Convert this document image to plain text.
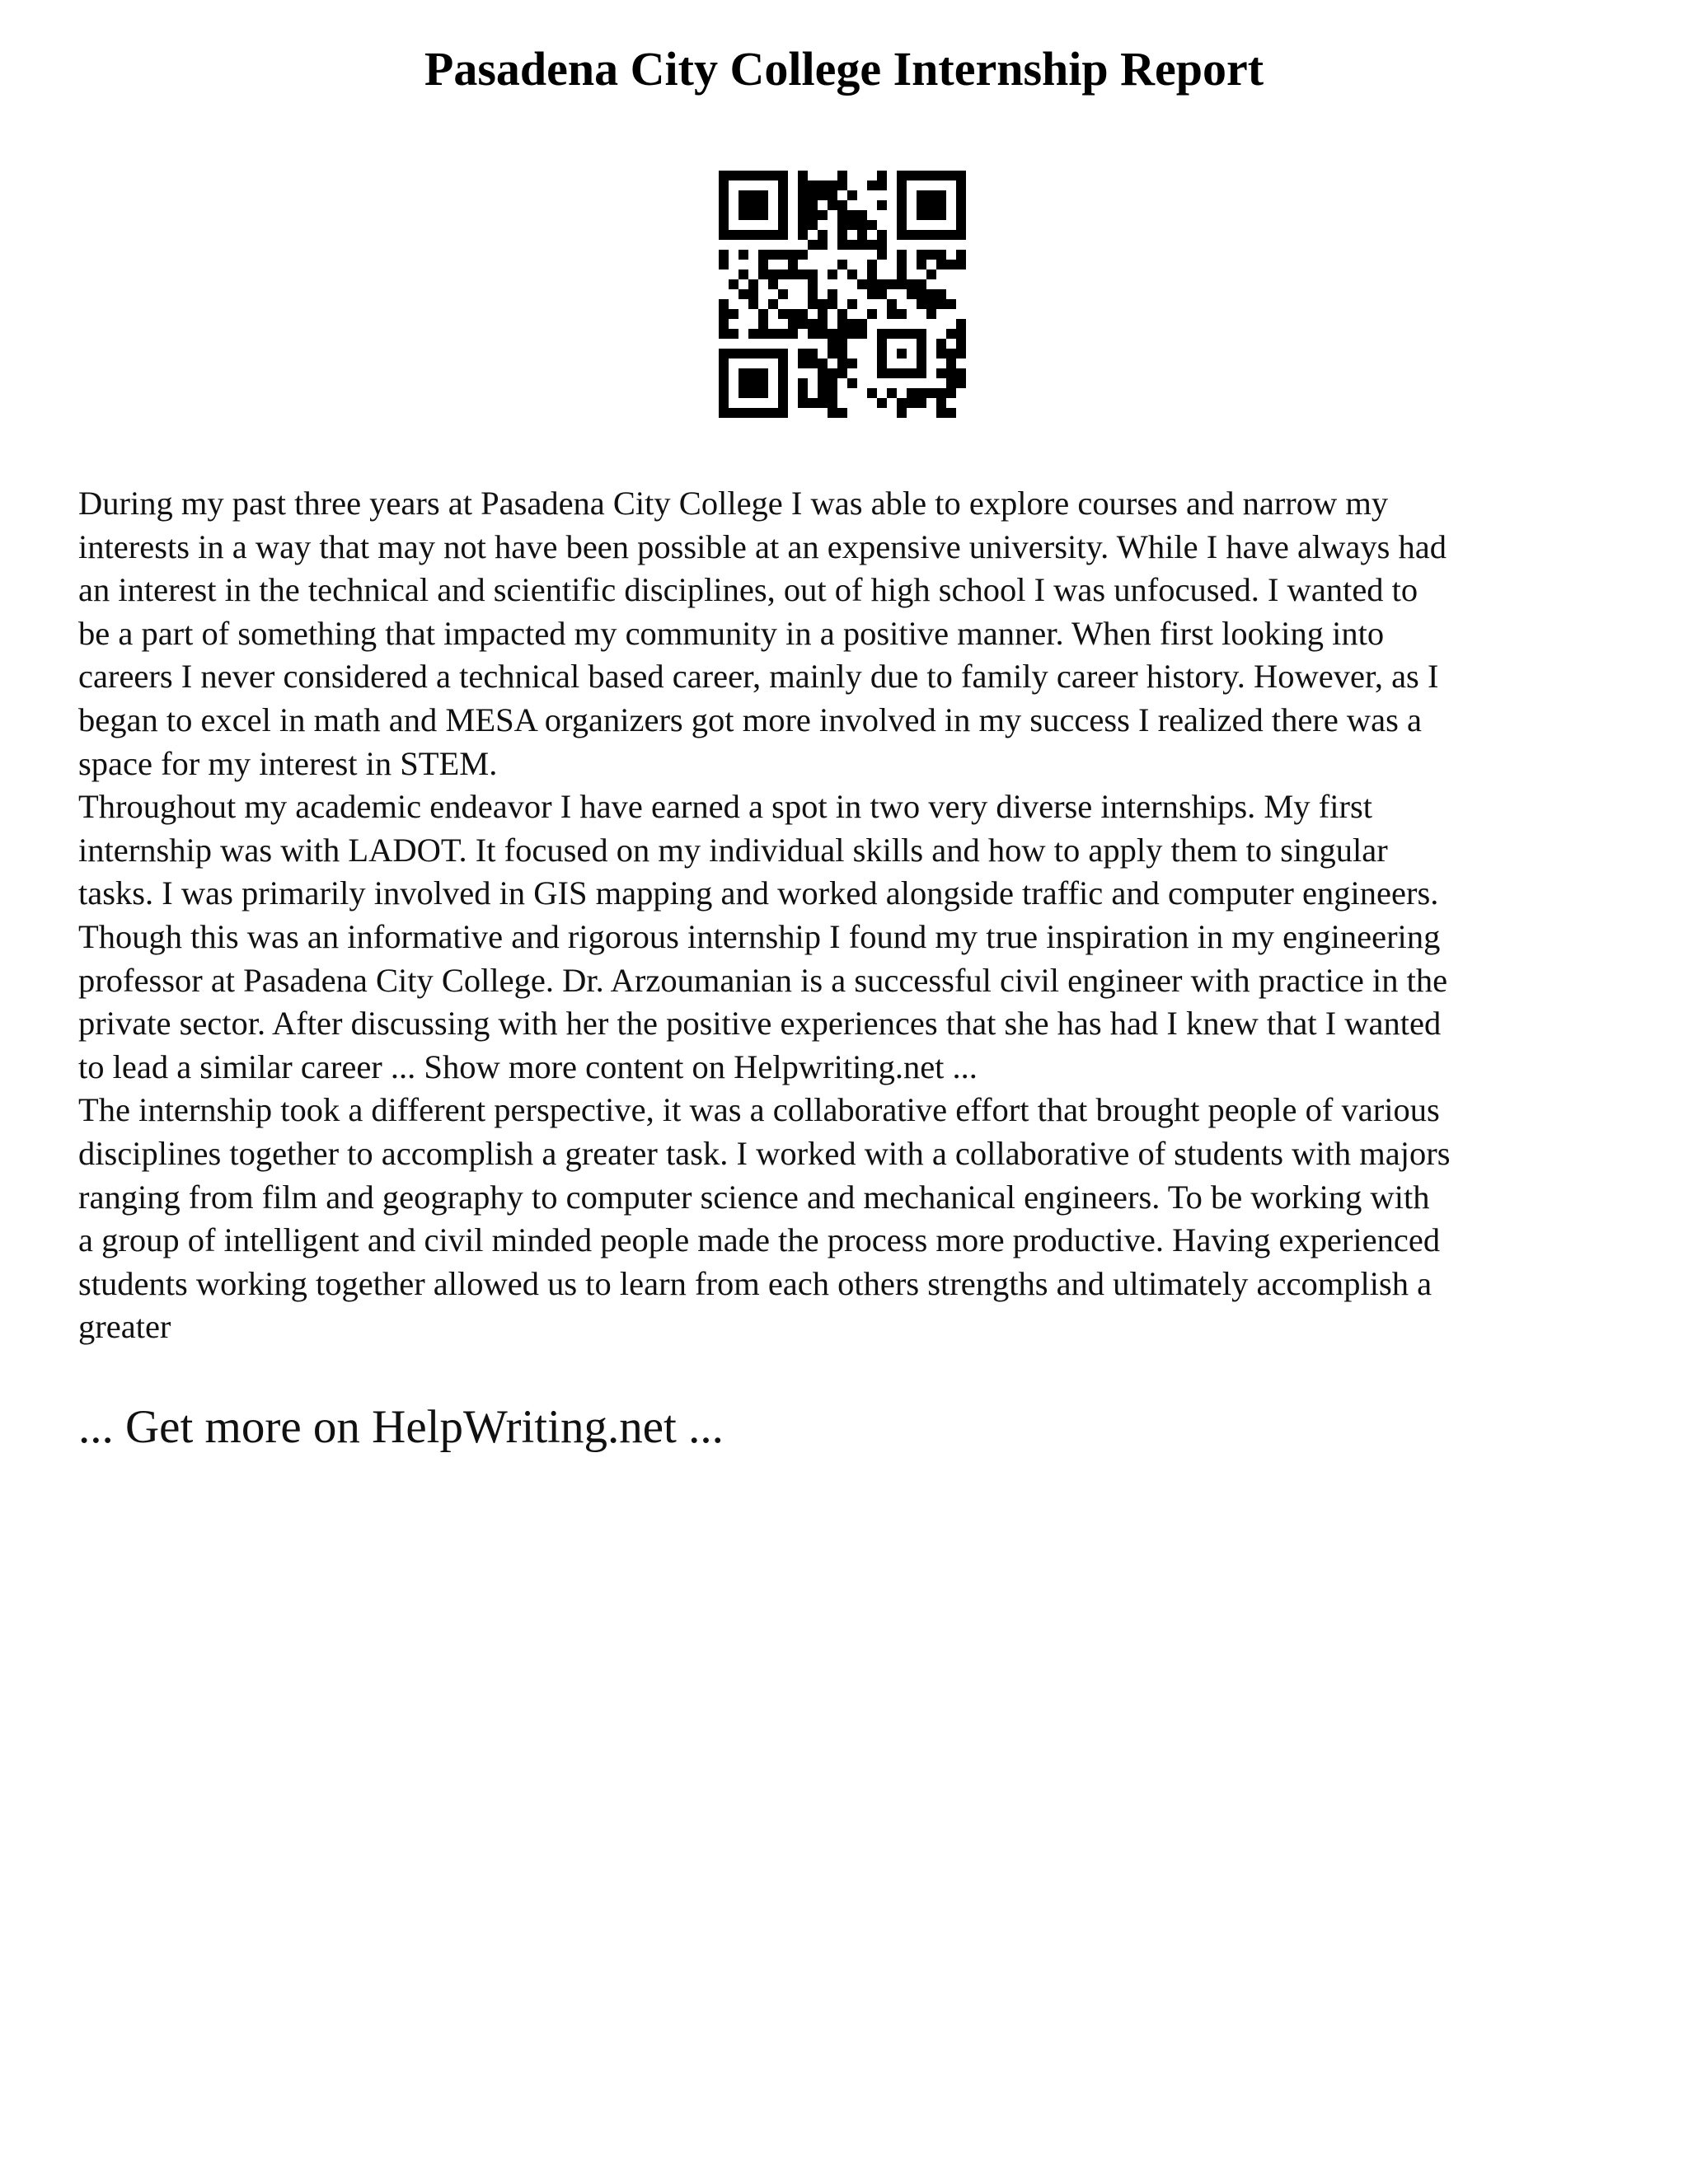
Pasadena City College Internship Report
During my past three years at Pasadena City College I was able to explore courses and narrow my
interests in a way that may not have been possible at an expensive university. While I have always had
an interest in the technical and scientific disciplines, out of high school I was unfocused. I wanted to
be a part of something that impacted my community in a positive manner. When first looking into
careers I never considered a technical based career, mainly due to family career history. However, as I
began to excel in math and MESA organizers got more involved in my success I realized there was a
space for my interest in STEM.
Throughout my academic endeavor I have earned a spot in two very diverse internships. My first
internship was with LADOT. It focused on my individual skills and how to apply them to singular
tasks. I was primarily involved in GIS mapping and worked alongside traffic and computer engineers.
Though this was an informative and rigorous internship I found my true inspiration in my engineering
professor at Pasadena City College. Dr. Arzoumanian is a successful civil engineer with practice in the
private sector. After discussing with her the positive experiences that she has had I knew that I wanted
to lead a similar career ... Show more content on Helpwriting.net ...
The internship took a different perspective, it was a collaborative effort that brought people of various
disciplines together to accomplish a greater task. I worked with a collaborative of students with majors
ranging from film and geography to computer science and mechanical engineers. To be working with
a group of intelligent and civil minded people made the process more productive. Having experienced
students working together allowed us to learn from each others strengths and ultimately accomplish a
greater
... Get more on HelpWriting.net ...
